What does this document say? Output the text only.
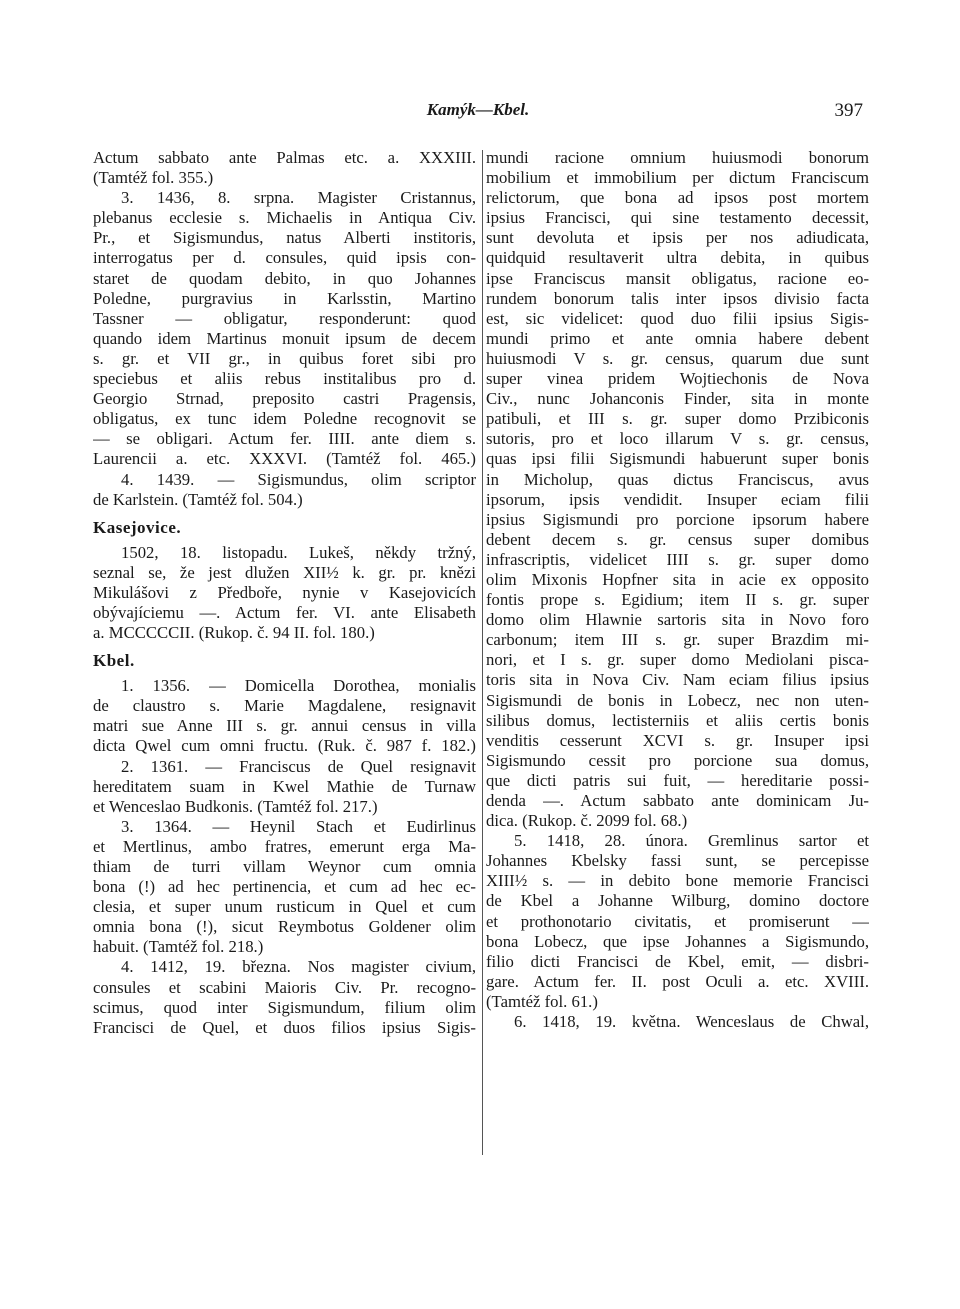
Kamýk—Kbel.	397
Actum sabbato ante Palmas etc. a. XXXIII.
(Tamtéž fol. 355.)
3. 1436, 8. srpna. Magister Cristannus,
plebanus ecclesie s. Michaelis in Antiqua Civ.
Pr., et Sigismundus, natus Alberti institoris,
interrogatus per d. consules, quid ipsis con-
staret de quodam debito, in quo Johannes
Poledne, purgravius in Karlsstin, Martino
Tassner — obligatur, responderunt: quod
quando idem Martinus monuit ipsum de decem
s. gr. et VII gr., in quibus foret sibi pro
speciebus et aliis rebus institalibus pro d.
Georgio Strnad, preposito castri Pragensis,
obligatus, ex tunc idem Poledne recognovit se
— se obligari. Actum fer. IIII. ante diem s.
Laurencii a. etc. XXXVI. (Tamtéž fol. 465.)
4. 1439. — Sigismundus, olim scriptor
de Karlstein. (Tamtéž fol. 504.)
Kasejovice.
1502, 18. listopadu. Lukeš, někdy tržný,
seznal se, že jest dlužen XII½ k. gr. pr. knězi
Mikulášovi z Předboře, nynie v Kasejovicích
obývajíciemu —. Actum fer. VI. ante Elisabeth
a. MCCCCCII. (Rukop. č. 94 II. fol. 180.)
Kbel.
1. 1356. — Domicella Dorothea, monialis
de claustro s. Marie Magdalene, resignavit
matri sue Anne III s. gr. annui census in villa
dicta Qwel cum omni fructu. (Ruk. č. 987 f. 182.)
2. 1361. — Franciscus de Quel resignavit
hereditatem suam in Kwel Mathie de Turnaw
et Wenceslao Budkonis. (Tamtéž fol. 217.)
3. 1364. — Heynil Stach et Eudirlinus
et Mertlinus, ambo fratres, emerunt erga Ma-
thiam de turri villam Weynor cum omnia
bona (!) ad hec pertinencia, et cum ad hec ec-
clesia, et super unum rusticum in Quel et cum
omnia bona (!), sicut Reymbotus Goldener olim
habuit. (Tamtéž fol. 218.)
4. 1412, 19. března. Nos magister civium,
consules et scabini Maioris Civ. Pr. recogno-
scimus, quod inter Sigismundum, filium olim
Francisci de Quel, et duos filios ipsius Sigis-
mundi racione omnium huiusmodi bonorum
mobilium et immobilium per dictum Franciscum
relictorum, que bona ad ipsos post mortem
ipsius Francisci, qui sine testamento decessit,
sunt devoluta et ipsis per nos adiudicata,
quidquid resultaverit ultra debita, in quibus
ipse Franciscus mansit obligatus, racione eo-
rundem bonorum talis inter ipsos divisio facta
est, sic videlicet: quod duo filii ipsius Sigis-
mundi primo et ante omnia habere debent
huiusmodi V s. gr. census, quarum due sunt
super vinea pridem Wojtiechonis de Nova
Civ., nunc Johanconis Finder, sita in monte
patibuli, et III s. gr. super domo Przibiconis
sutoris, pro et loco illarum V s. gr. census,
quas ipsi filii Sigismundi habuerunt super bonis
in Micholup, quas dictus Franciscus, avus
ipsorum, ipsis vendidit. Insuper eciam filii
ipsius Sigismundi pro porcione ipsorum habere
debent decem s. gr. census super domibus
infrascriptis, videlicet IIII s. gr. super domo
olim Mixonis Hopfner sita in acie ex opposito
fontis prope s. Egidium; item II s. gr. super
domo olim Hlawnie sartoris sita in Novo foro
carbonum; item III s. gr. super Brazdim mi-
nori, et I s. gr. super domo Mediolani pisca-
toris sita in Nova Civ. Nam eciam filius ipsius
Sigismundi de bonis in Lobecz, nec non uten-
silibus domus, lectisterniis et aliis certis bonis
venditis cesserunt XCVI s. gr. Insuper ipsi
Sigismundo cessit pro porcione sua domus,
que dicti patris sui fuit, — hereditarie possi-
denda —. Actum sabbato ante dominicam Ju-
dica. (Rukop. č. 2099 fol. 68.)
5. 1418, 28. února. Gremlinus sartor et
Johannes Kbelsky fassi sunt, se percepisse
XIII½ s. — in debito bone memorie Francisci
de Kbel a Johanne Wilburg, domino doctore
et prothonotario civitatis, et promiserunt —
bona Lobecz, que ipse Johannes a Sigismundo,
filio dicti Francisci de Kbel, emit, — disbri-
gare. Actum fer. II. post Oculi a. etc. XVIII.
(Tamtéž fol. 61.)
6. 1418, 19. května. Wenceslaus de Chwal,
